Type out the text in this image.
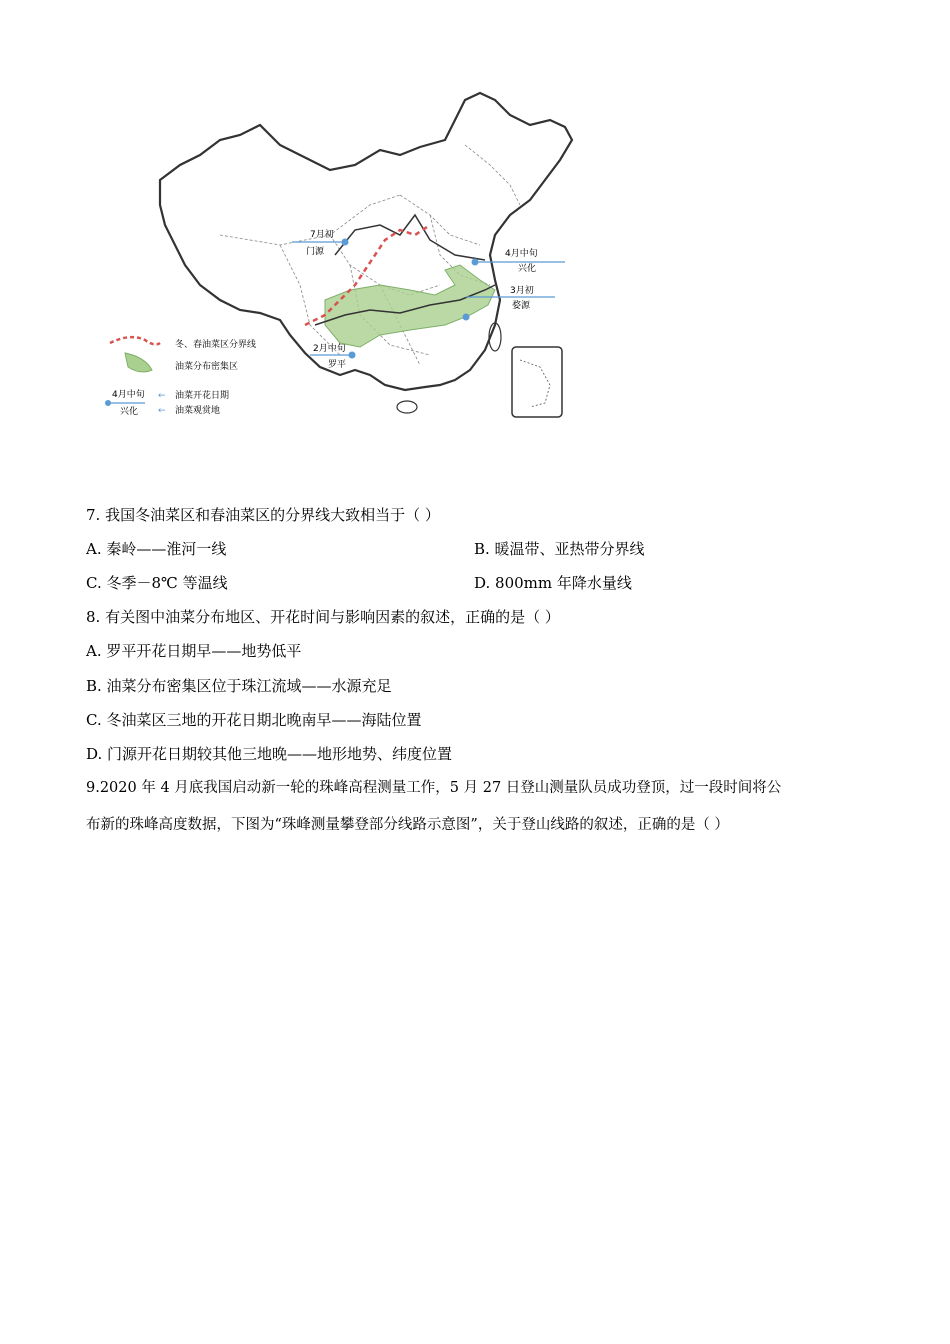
7月初
门源	4月中旬
兴化
3月初
婺源
2月中旬
罗平
冬、春油菜区分界线
油菜分布密集区
4月中旬
兴化
← 油菜开花日期
← 油菜观赏地
7. 我国冬油菜区和春油菜区的分界线大致相当于（ ）
A. 秦岭——淮河一线	B. 暖温带、亚热带分界线
C. 冬季－8℃ 等温线	D. 800mm 年降水量线
8. 有关图中油菜分布地区、开花时间与影响因素的叙述，正确的是（ ）
A. 罗平开花日期早——地势低平
B. 油菜分布密集区位于珠江流域——水源充足
C. 冬油菜区三地的开花日期北晚南早——海陆位置
D. 门源开花日期较其他三地晚——地形地势、纬度位置
9.2020 年 4 月底我国启动新一轮的珠峰高程测量工作，5 月 27 日登山测量队员成功登顶，过一段时间将公
布新的珠峰高度数据，下图为“珠峰测量攀登部分线路示意图”，关于登山线路的叙述，正确的是（ ）
